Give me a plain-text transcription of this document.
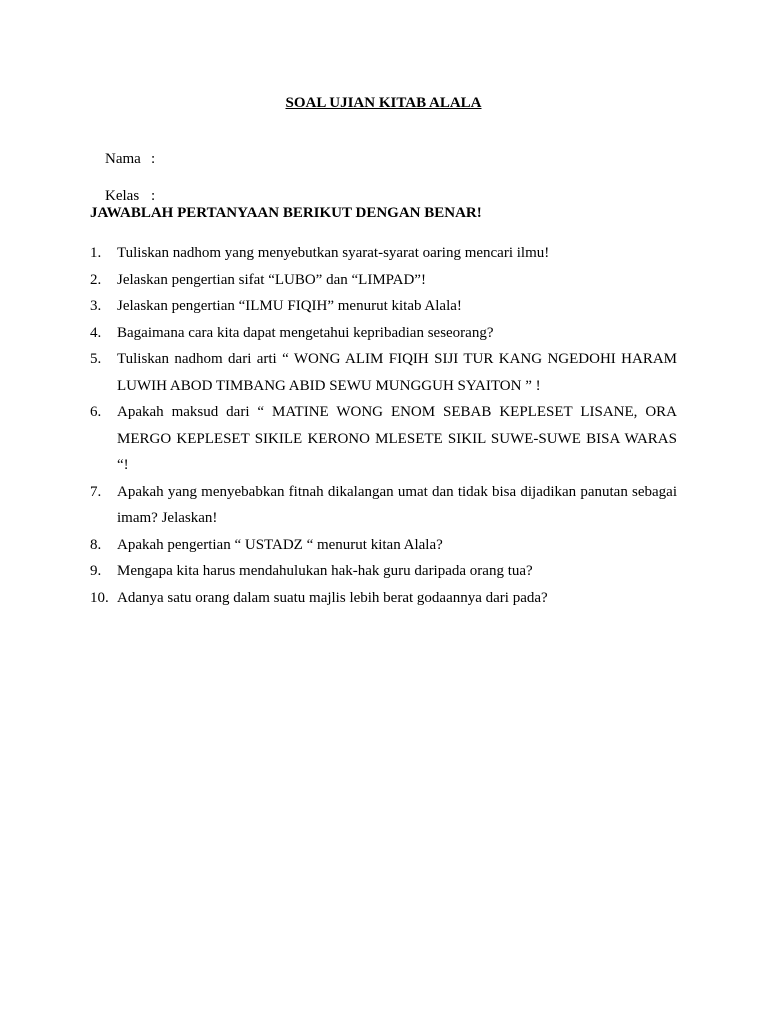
SOAL UJIAN KITAB ALALA

Nama :

Kelas :

JAWABLAH PERTANYAAN BERIKUT DENGAN BENAR!
1. Tuliskan nadhom yang menyebutkan syarat-syarat oaring mencari ilmu!
2. Jelaskan pengertian sifat “LUBO” dan “LIMPAD”!
3. Jelaskan pengertian “ILMU FIQIH” menurut kitab Alala!
4. Bagaimana cara kita dapat mengetahui kepribadian seseorang?
5. Tuliskan nadhom dari arti “ WONG ALIM FIQIH SIJI TUR KANG NGEDOHI HARAM LUWIH ABOD TIMBANG ABID SEWU MUNGGUH SYAITON ” !
6. Apakah maksud dari “ MATINE WONG ENOM SEBAB KEPLESET LISANE, ORA MERGO KEPLESET SIKILE KERONO MLESETE SIKIL SUWE-SUWE BISA WARAS “!
7. Apakah yang menyebabkan fitnah dikalangan umat dan tidak bisa dijadikan panutan sebagai imam? Jelaskan!
8. Apakah pengertian “ USTADZ “ menurut kitan Alala?
9. Mengapa kita harus mendahulukan hak-hak guru daripada orang tua?
10. Adanya satu orang dalam suatu majlis lebih berat godaannya dari pada?
